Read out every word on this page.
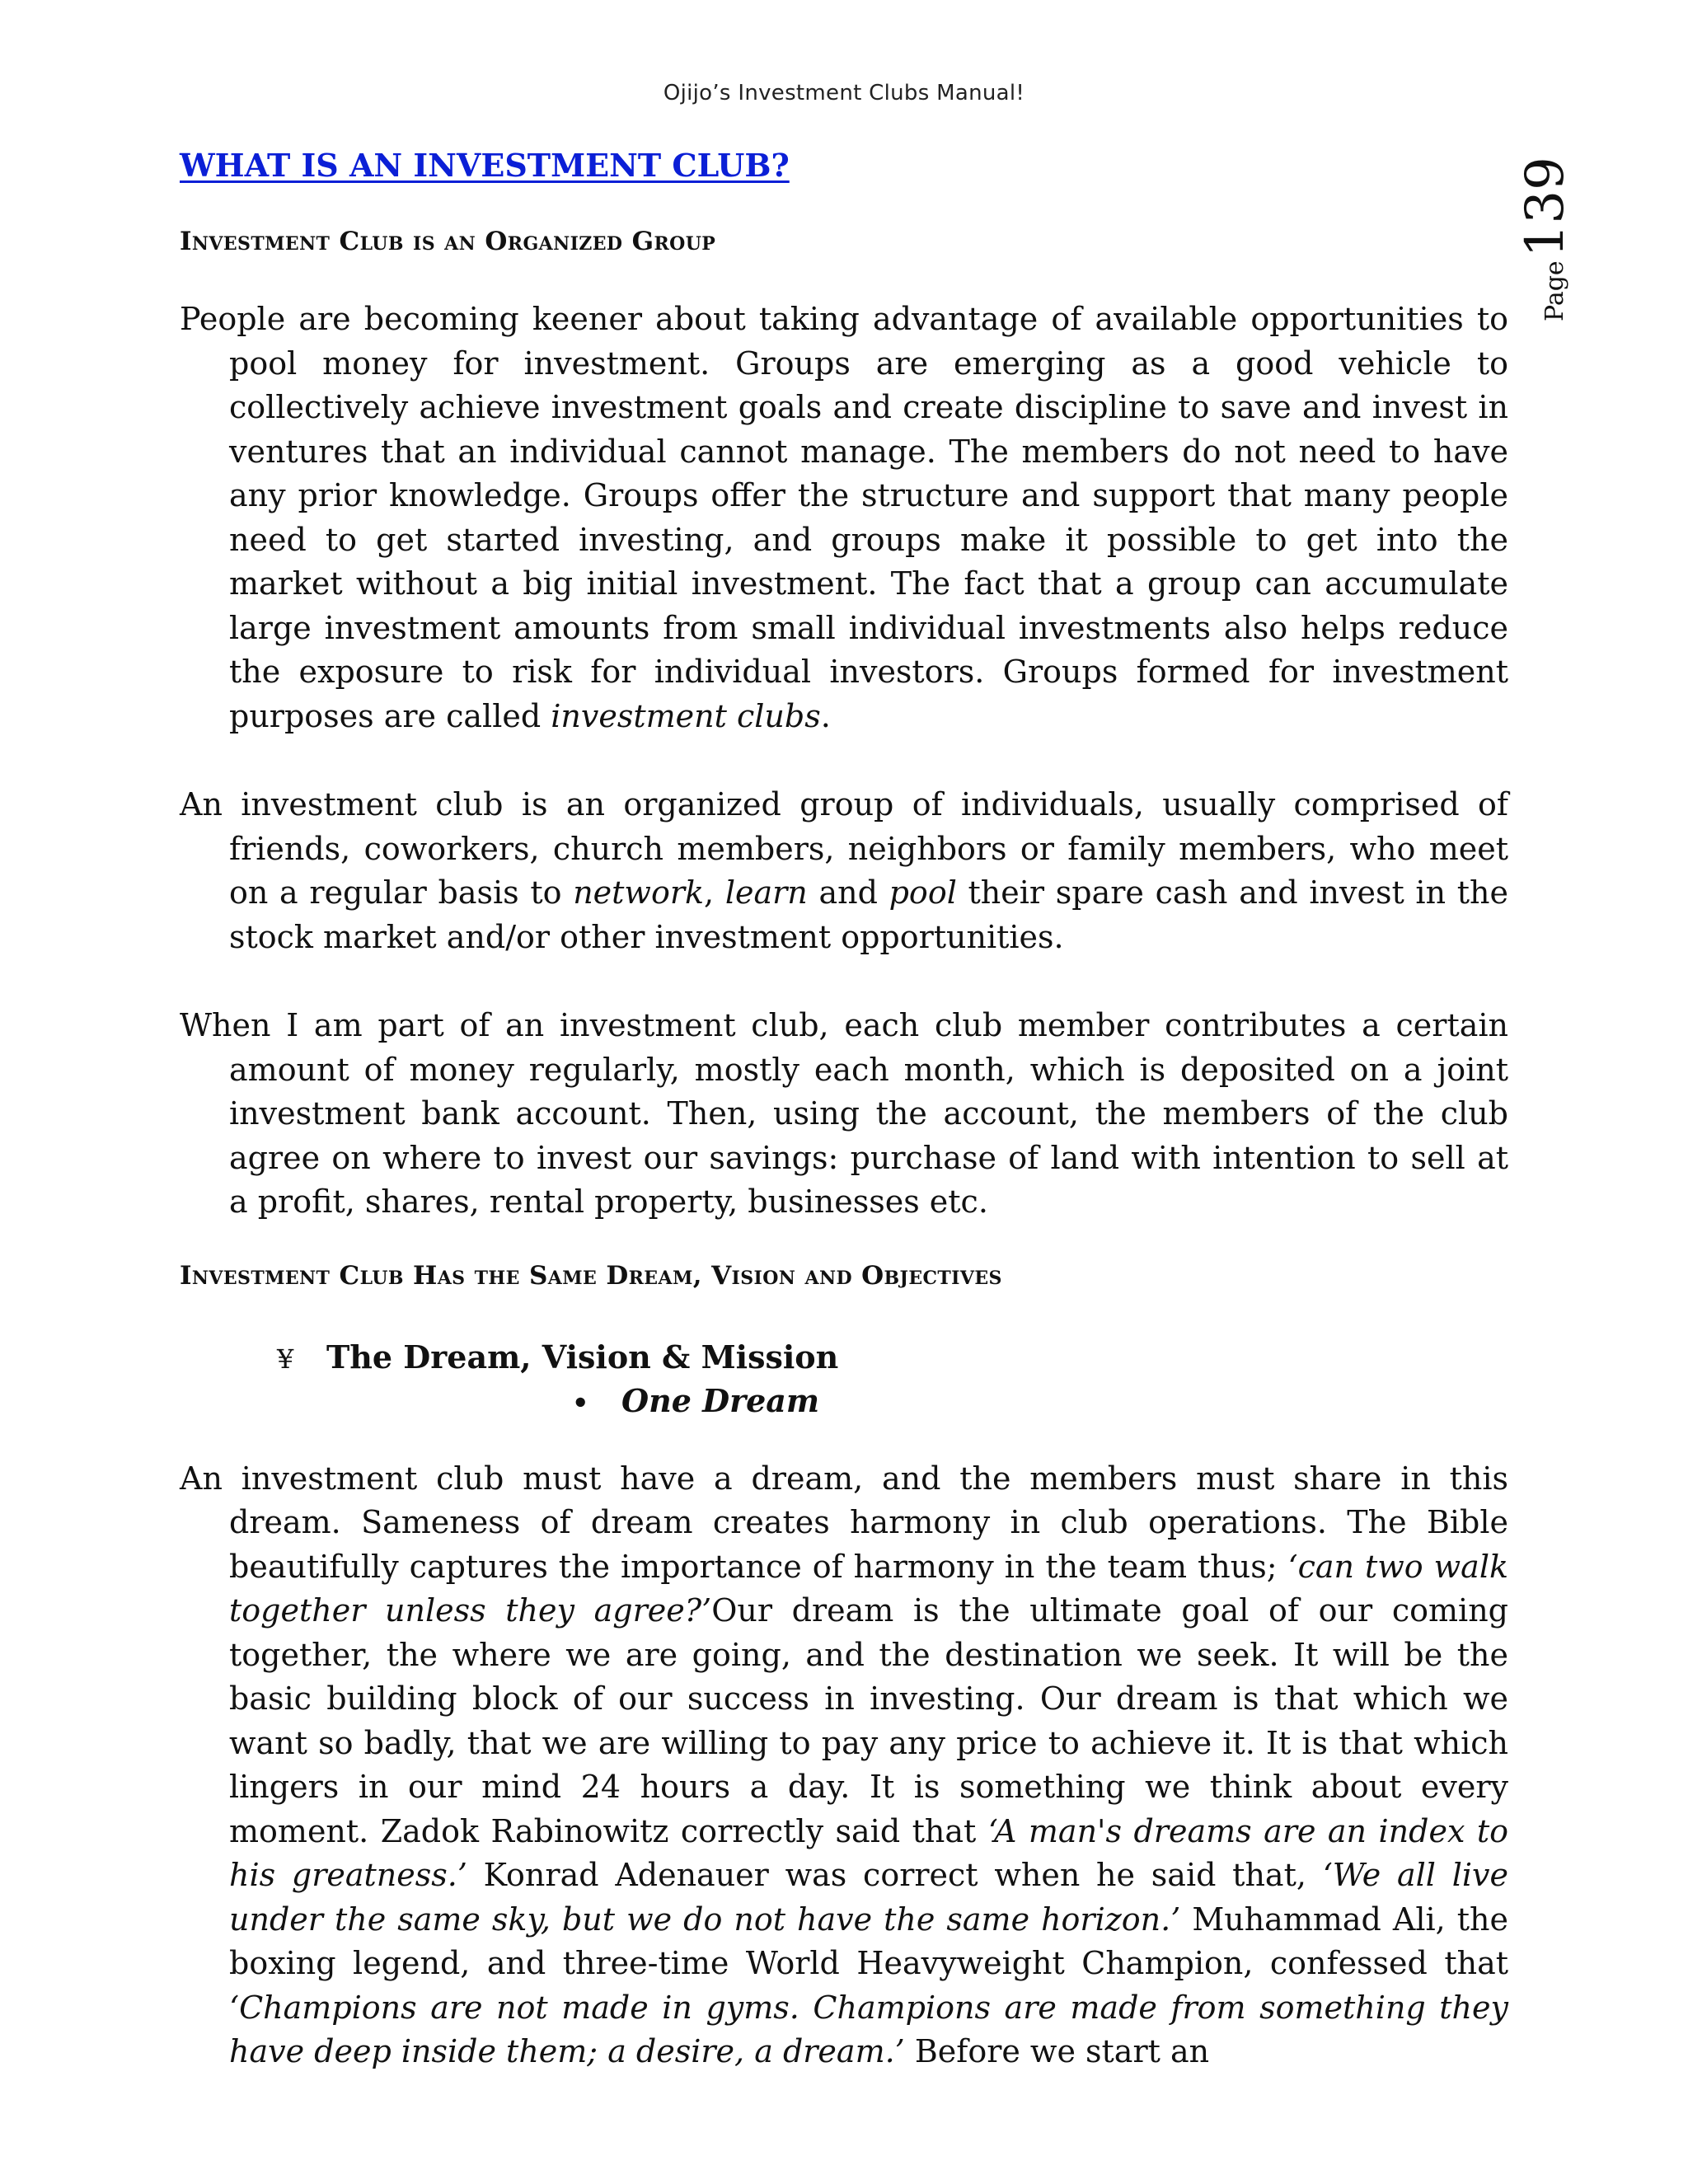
Ojijo’s Investment Clubs Manual!
Page
139
WHAT IS AN INVESTMENT CLUB?
Investment Club is an Organized Group

People are becoming keener about taking advantage of available opportunities to pool money for investment. Groups are emerging as a good vehicle to collectively achieve investment goals and create discipline to save and invest in ventures that an individual cannot manage. The members do not need to have any prior knowledge. Groups offer the structure and support that many people need to get started investing, and groups make it possible to get into the market without a big initial investment. The fact that a group can accumulate large investment amounts from small individual investments also helps reduce the exposure to risk for individual investors. Groups formed for investment purposes are called investment clubs.

An investment club is an organized group of individuals, usually comprised of friends, coworkers, church members, neighbors or family members, who meet on a regular basis to network, learn and pool their spare cash and invest in the stock market and/or other investment opportunities.

When I am part of an investment club, each club member contributes a certain amount of money regularly, mostly each month, which is deposited on a joint investment bank account. Then, using the account, the members of the club agree on where to invest our savings: purchase of land with intention to sell at a profit, shares, rental property, businesses etc.

Investment Club Has the Same Dream, Vision and Objectives
¥	The Dream, Vision & Mission
•	One Dream

An investment club must have a dream, and the members must share in this dream. Sameness of dream creates harmony in club operations. The Bible beautifully captures the importance of harmony in the team thus; ‘can two walk together unless they agree?’Our dream is the ultimate goal of our coming together, the where we are going, and the destination we seek. It will be the basic building block of our success in investing. Our dream is that which we want so badly, that we are willing to pay any price to achieve it. It is that which lingers in our mind 24 hours a day. It is something we think about every moment. Zadok Rabinowitz correctly said that ‘A man's dreams are an index to his greatness.’ Konrad Adenauer was correct when he said that, ‘We all live under the same sky, but we do not have the same horizon.’ Muhammad Ali, the boxing legend, and three-time World Heavyweight Champion, confessed that ‘Champions are not made in gyms. Champions are made from something they have deep inside them; a desire, a dream.’ Before we start an
